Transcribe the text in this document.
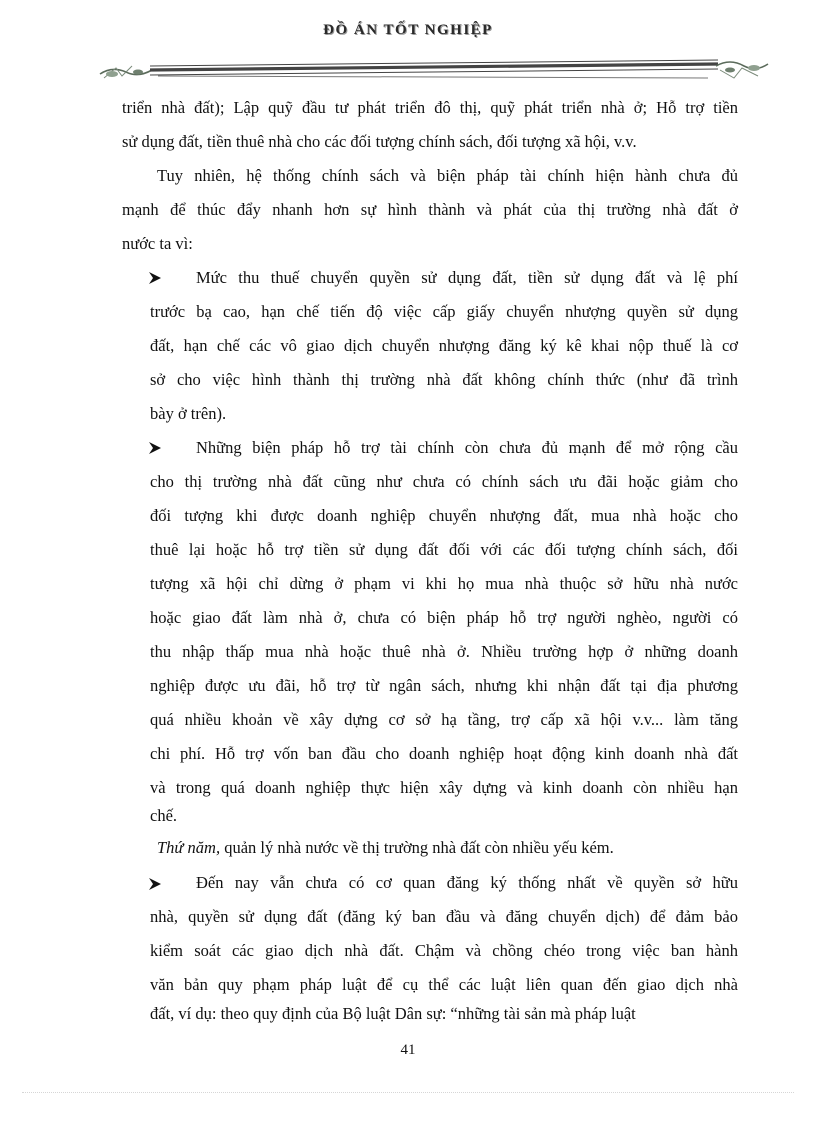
ĐỒ ÁN TỐT NGHIỆP
triển nhà đất); Lập quỹ đầu tư phát triển đô thị, quỹ phát triển nhà ở; Hỗ trợ tiền
sử dụng đất, tiền thuê nhà cho các đối tượng chính sách, đối tượng xã hội, v.v.
Tuy nhiên, hệ thống chính sách và biện pháp tài chính hiện hành chưa đủ
mạnh để thúc đẩy nhanh hơn sự hình thành và phát của thị trường nhà đất ở
nước ta vì:
Mức thu thuế chuyển quyền sử dụng đất, tiền sử dụng đất và lệ phí
trước bạ cao, hạn chế tiến độ việc cấp giấy chuyển nhượng quyền sử dụng
đất, hạn chế các vô giao dịch chuyển nhượng đăng ký kê khai nộp thuế là cơ
sở cho việc hình thành thị trường nhà đất không chính thức (như đã trình
bày ở trên).
Những biện pháp hỗ trợ tài chính còn chưa đủ mạnh để mở rộng cầu
cho thị trường nhà đất cũng như chưa có chính sách ưu đãi hoặc giảm cho
đối tượng khi được doanh nghiệp chuyển nhượng đất, mua nhà hoặc cho
thuê lại hoặc hỗ trợ tiền sử dụng đất đối với các đối tượng chính sách, đối
tượng xã hội chỉ dừng ở phạm vi khi họ mua nhà thuộc sở hữu nhà nước
hoặc giao đất làm nhà ở, chưa có biện pháp hỗ trợ người nghèo, người có
thu nhập thấp mua nhà hoặc thuê nhà ở. Nhiều trường hợp ở những doanh
nghiệp được ưu đãi, hỗ trợ từ ngân sách, nhưng khi nhận đất tại địa phương
quá nhiều khoản về xây dựng cơ sở hạ tầng, trợ cấp xã hội v.v... làm tăng
chi phí. Hỗ trợ vốn ban đầu cho doanh nghiệp hoạt động kinh doanh nhà đất
và trong quá doanh nghiệp thực hiện xây dựng và kinh doanh còn nhiều hạn
chế.
Thứ năm, quản lý nhà nước về thị trường nhà đất còn nhiều yếu kém.
Đến nay vẫn chưa có cơ quan đăng ký thống nhất về quyền sở hữu
nhà, quyền sử dụng đất (đăng ký ban đầu và đăng chuyển dịch) để đảm bảo
kiểm soát các giao dịch nhà đất. Chậm và chồng chéo trong việc ban hành
văn bản quy phạm pháp luật để cụ thể các luật liên quan đến giao dịch nhà
đất, ví dụ: theo quy định của Bộ luật Dân sự: “những tài sản mà pháp luật
41
